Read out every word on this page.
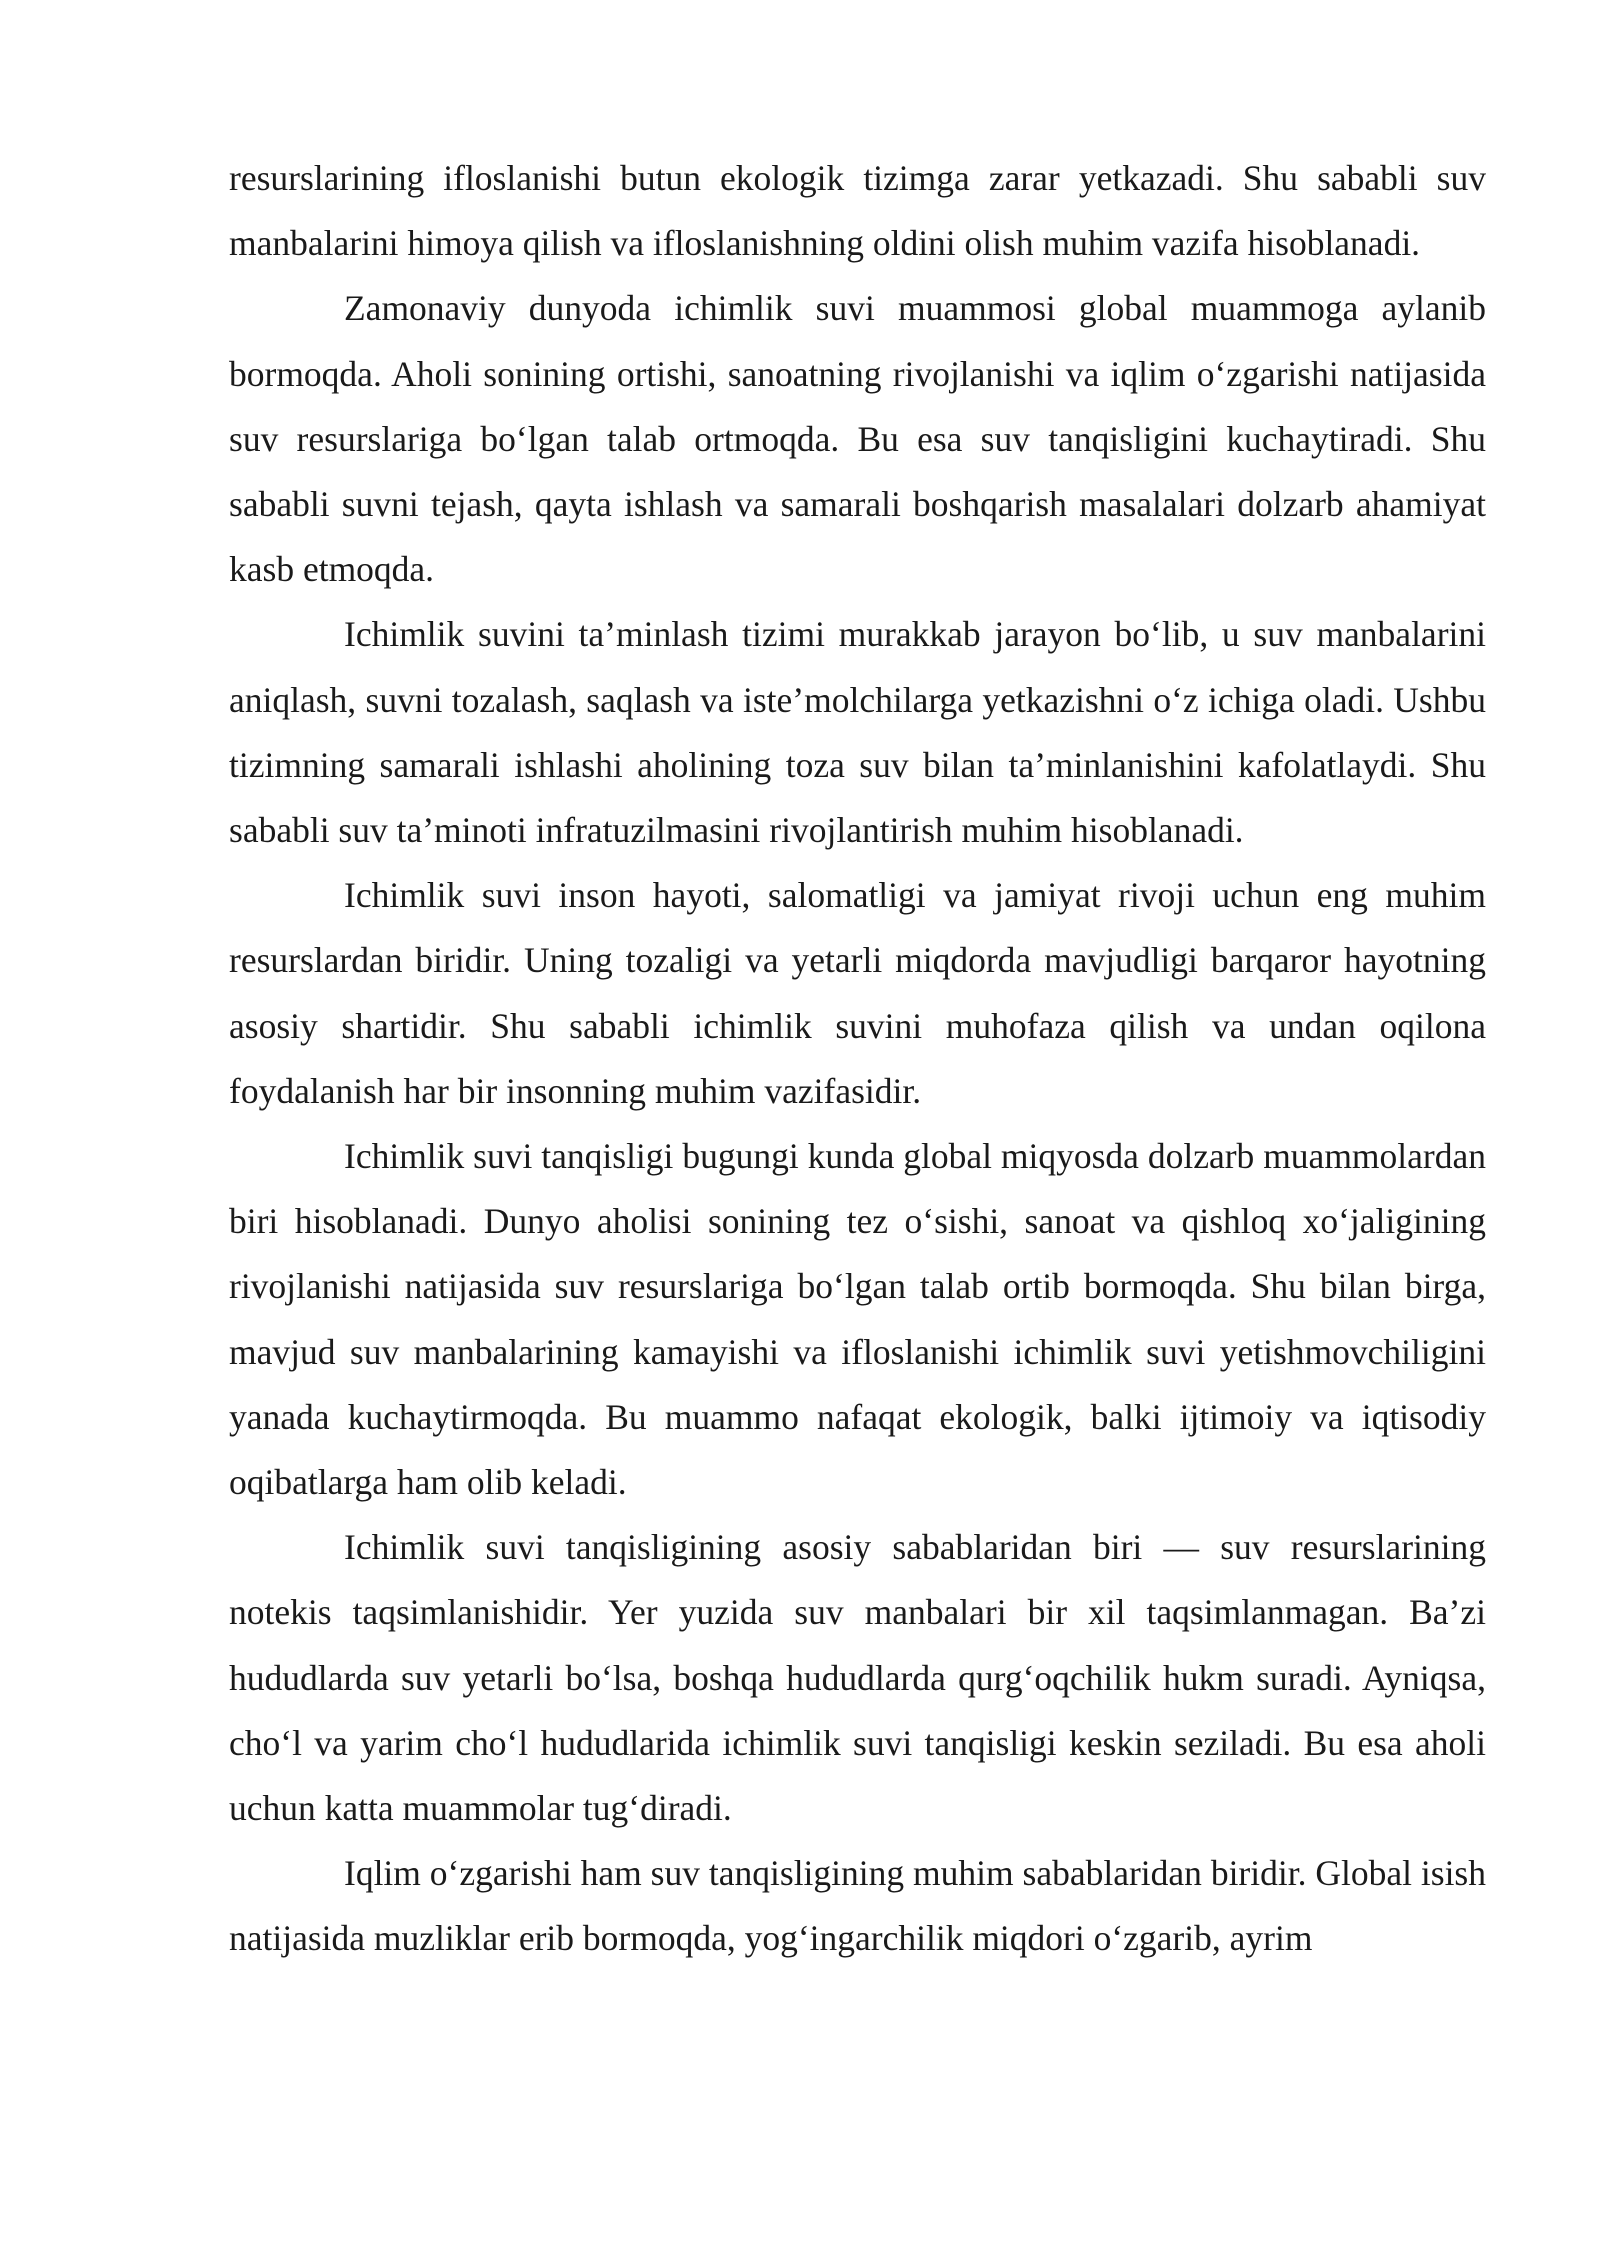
resurslarining ifloslanishi butun ekologik tizimga zarar yetkazadi. Shu sababli suv manbalarini himoya qilish va ifloslanishning oldini olish muhim vazifa hisoblanadi.

Zamonaviy dunyoda ichimlik suvi muammosi global muammoga aylanib bormoqda. Aholi sonining ortishi, sanoatning rivojlanishi va iqlim o‘zgarishi natijasida suv resurslariga bo‘lgan talab ortmoqda. Bu esa suv tanqisligini kuchaytiradi. Shu sababli suvni tejash, qayta ishlash va samarali boshqarish masalalari dolzarb ahamiyat kasb etmoqda.

Ichimlik suvini ta’minlash tizimi murakkab jarayon bo‘lib, u suv manbalarini aniqlash, suvni tozalash, saqlash va iste’molchilarga yetkazishni o‘z ichiga oladi. Ushbu tizimning samarali ishlashi aholining toza suv bilan ta’minlanishini kafolatlaydi. Shu sababli suv ta’minoti infratuzilmasini rivojlantirish muhim hisoblanadi.

Ichimlik suvi inson hayoti, salomatligi va jamiyat rivoji uchun eng muhim resurslardan biridir. Uning tozaligi va yetarli miqdorda mavjudligi barqaror hayotning asosiy shartidir. Shu sababli ichimlik suvini muhofaza qilish va undan oqilona foydalanish har bir insonning muhim vazifasidir.

Ichimlik suvi tanqisligi bugungi kunda global miqyosda dolzarb muammolardan biri hisoblanadi. Dunyo aholisi sonining tez o‘sishi, sanoat va qishloq xo‘jaligining rivojlanishi natijasida suv resurslariga bo‘lgan talab ortib bormoqda. Shu bilan birga, mavjud suv manbalarining kamayishi va ifloslanishi ichimlik suvi yetishmovchiligini yanada kuchaytirmoqda. Bu muammo nafaqat ekologik, balki ijtimoiy va iqtisodiy oqibatlarga ham olib keladi.

Ichimlik suvi tanqisligining asosiy sabablaridan biri — suv resurslarining notekis taqsimlanishidir. Yer yuzida suv manbalari bir xil taqsimlanmagan. Ba’zi hududlarda suv yetarli bo‘lsa, boshqa hududlarda qurg‘oqchilik hukm suradi. Ayniqsa, cho‘l va yarim cho‘l hududlarida ichimlik suvi tanqisligi keskin seziladi. Bu esa aholi uchun katta muammolar tug‘diradi.

Iqlim o‘zgarishi ham suv tanqisligining muhim sabablaridan biridir. Global isish natijasida muzliklar erib bormoqda, yog‘ingarchilik miqdori o‘zgarib, ayrim
